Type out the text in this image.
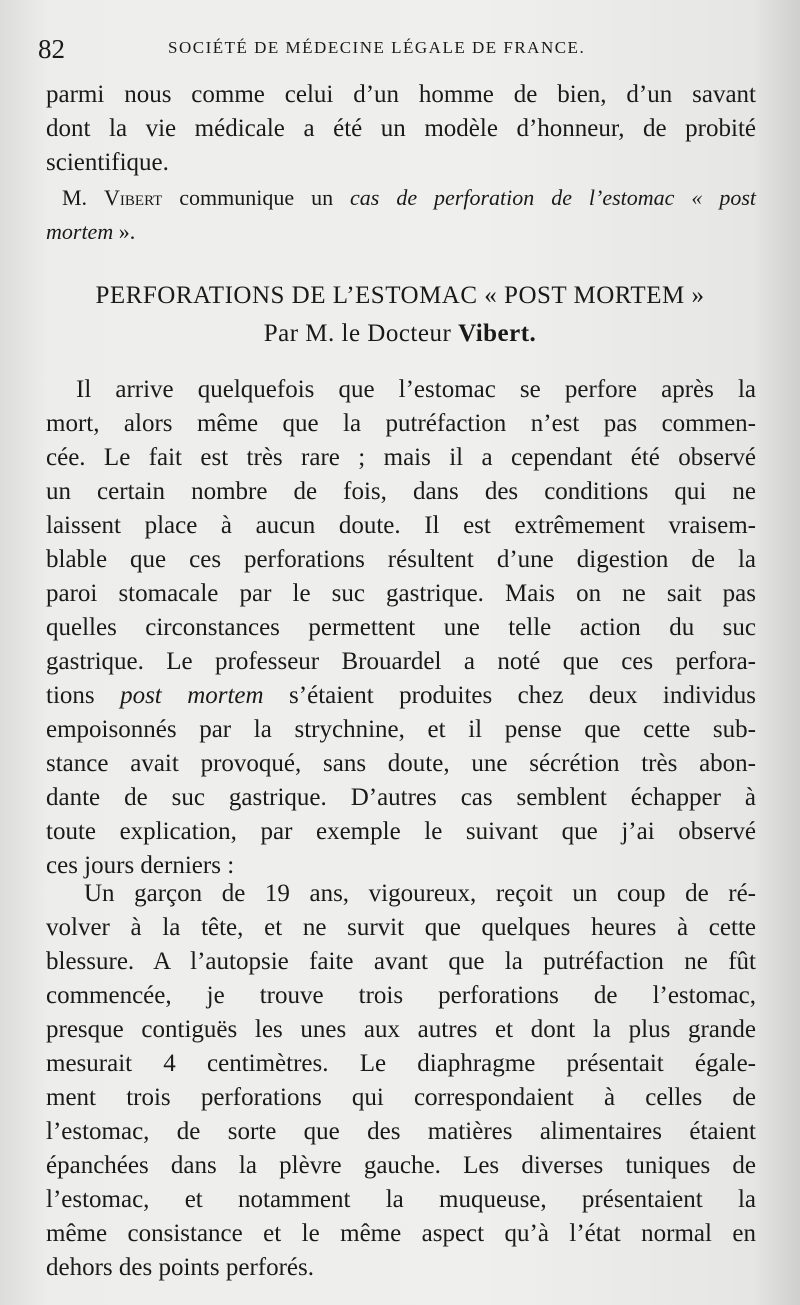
82	SOCIÉTÉ DE MÉDECINE LÉGALE DE FRANCE.
parmi nous comme celui d’un homme de bien, d’un savant
dont la vie médicale a été un modèle d’honneur, de probité
scientifique.
M. Vibert communique un cas de perforation de l’estomac « post
mortem ».
PERFORATIONS DE L’ESTOMAC « POST MORTEM »
Par M. le Docteur Vibert.
Il arrive quelquefois que l’estomac se perfore après la
mort, alors même que la putréfaction n’est pas commen-
cée. Le fait est très rare ; mais il a cependant été observé
un certain nombre de fois, dans des conditions qui ne
laissent place à aucun doute. Il est extrêmement vraisem-
blable que ces perforations résultent d’une digestion de la
paroi stomacale par le suc gastrique. Mais on ne sait pas
quelles circonstances permettent une telle action du suc
gastrique. Le professeur Brouardel a noté que ces perfora-
tions post mortem s’étaient produites chez deux individus
empoisonnés par la strychnine, et il pense que cette sub-
stance avait provoqué, sans doute, une sécrétion très abon-
dante de suc gastrique. D’autres cas semblent échapper à
toute explication, par exemple le suivant que j’ai observé
ces jours derniers :
Un garçon de 19 ans, vigoureux, reçoit un coup de ré-
volver à la tête, et ne survit que quelques heures à cette
blessure. A l’autopsie faite avant que la putréfaction ne fût
commencée, je trouve trois perforations de l’estomac,
presque contiguës les unes aux autres et dont la plus grande
mesurait 4 centimètres. Le diaphragme présentait égale-
ment trois perforations qui correspondaient à celles de
l’estomac, de sorte que des matières alimentaires étaient
épanchées dans la plèvre gauche. Les diverses tuniques de
l’estomac, et notamment la muqueuse, présentaient la
même consistance et le même aspect qu’à l’état normal en
dehors des points perforés.
